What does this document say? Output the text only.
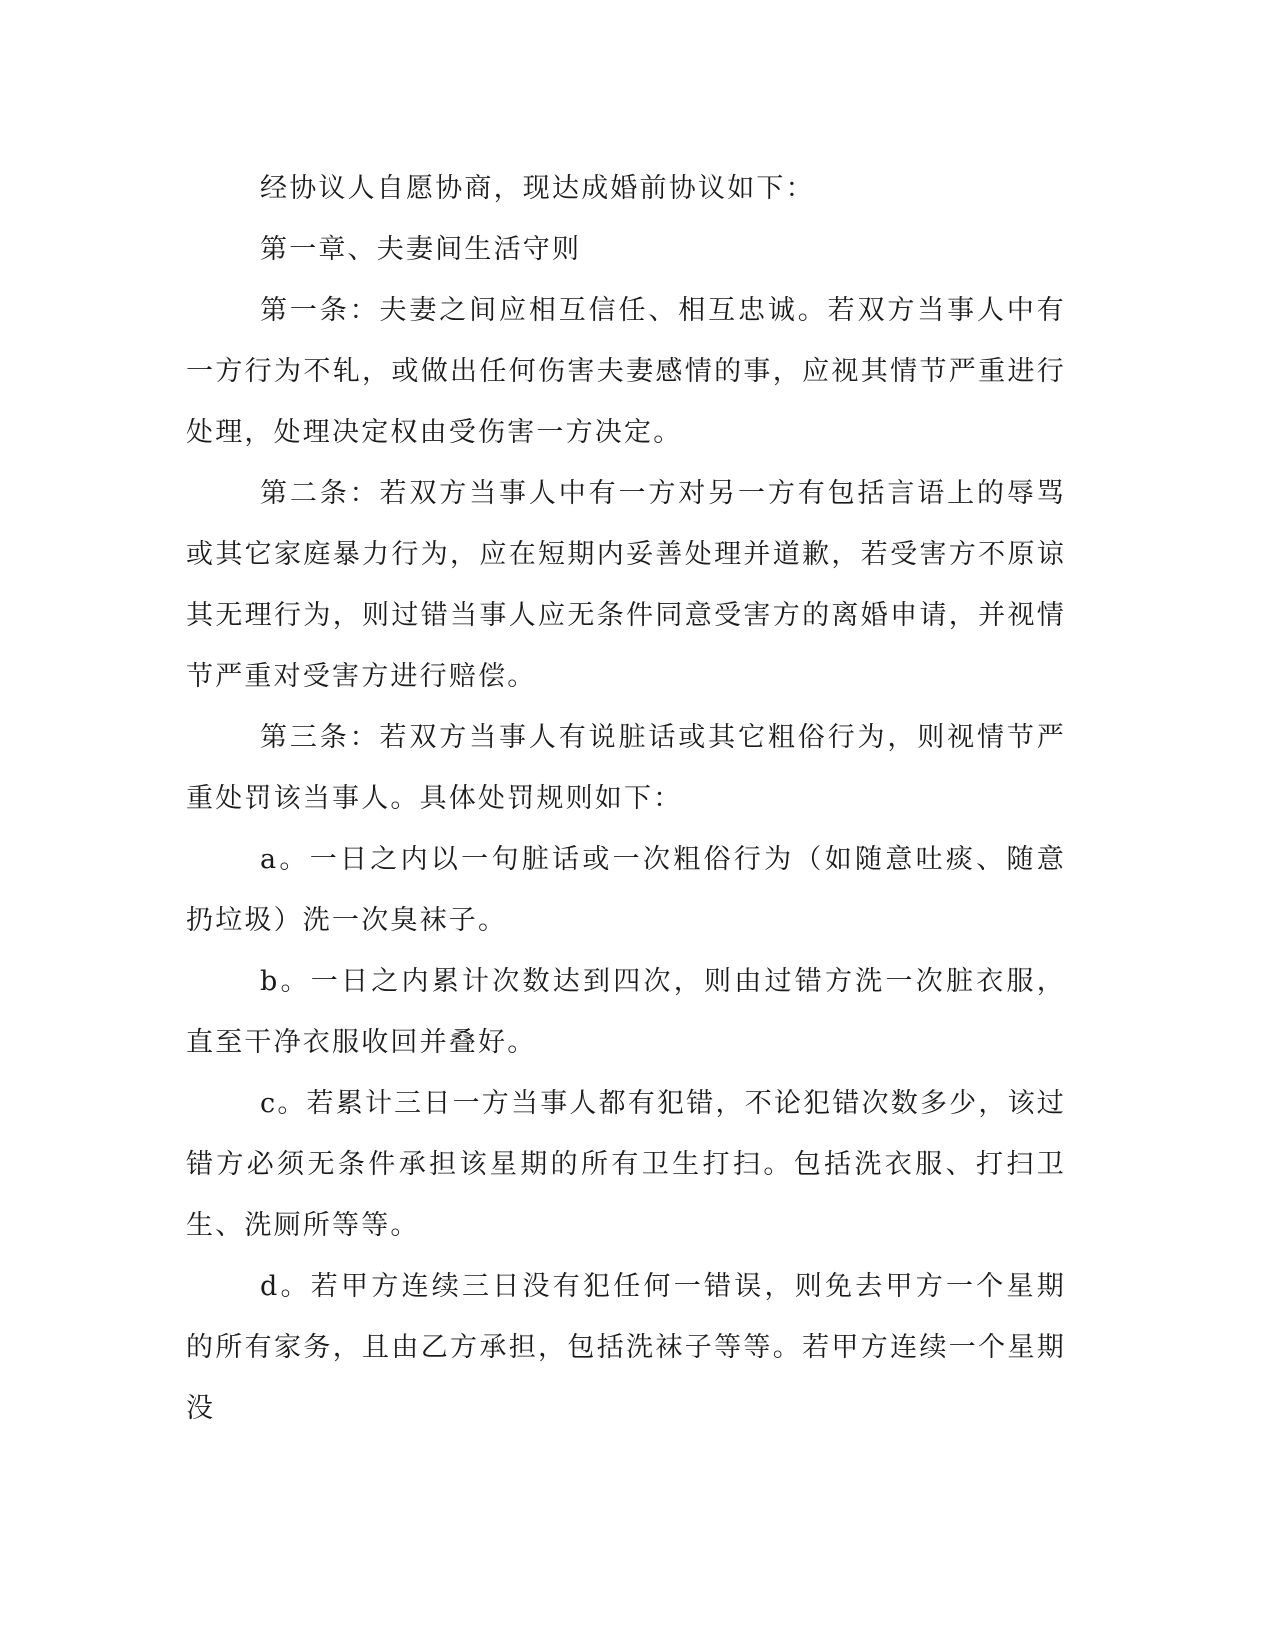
经协议人自愿协商，现达成婚前协议如下：

第一章、夫妻间生活守则

第一条：夫妻之间应相互信任、相互忠诚。若双方当事人中有一方行为不轧，或做出任何伤害夫妻感情的事，应视其情节严重进行处理，处理决定权由受伤害一方决定。

第二条：若双方当事人中有一方对另一方有包括言语上的辱骂或其它家庭暴力行为，应在短期内妥善处理并道歉，若受害方不原谅其无理行为，则过错当事人应无条件同意受害方的离婚申请，并视情节严重对受害方进行赔偿。

第三条：若双方当事人有说脏话或其它粗俗行为，则视情节严重处罚该当事人。具体处罚规则如下：

a。一日之内以一句脏话或一次粗俗行为（如随意吐痰、随意扔垃圾）洗一次臭袜子。

b。一日之内累计次数达到四次，则由过错方洗一次脏衣服，直至干净衣服收回并叠好。

c。若累计三日一方当事人都有犯错，不论犯错次数多少，该过错方必须无条件承担该星期的所有卫生打扫。包括洗衣服、打扫卫生、洗厕所等等。

d。若甲方连续三日没有犯任何一错误，则免去甲方一个星期的所有家务，且由乙方承担，包括洗袜子等等。若甲方连续一个星期没
